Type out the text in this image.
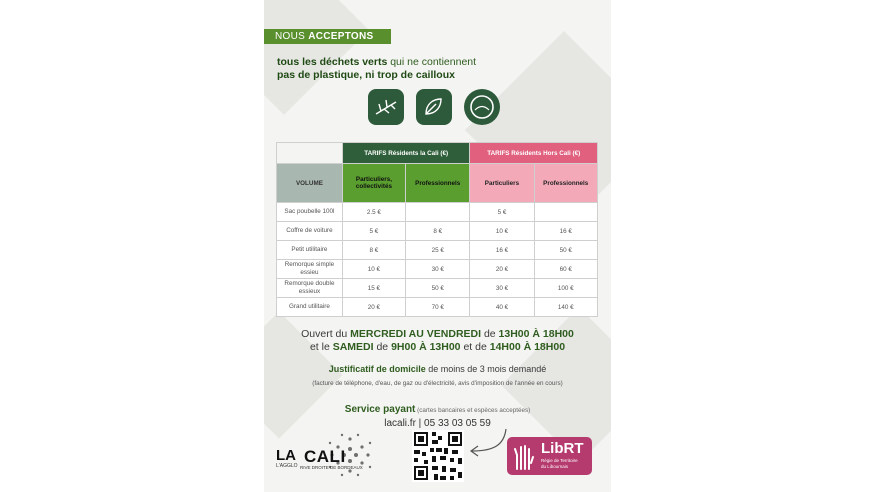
NOUS ACCEPTONS
tous les déchets verts qui ne contiennent
pas de plastique, ni trop de cailloux
	TARIFS Résidents la Cali (€)		TARIFS Résidents Hors Cali (€)	
VOLUME	Particuliers, collectivités	Professionnels	Particuliers	Professionnels
Sac poubelle 100l	2.5 €		5 €	
Coffre de voiture	5 €	8 €	10 €	16 €
Petit utilitaire	8 €	25 €	16 €	50 €
Remorque simple essieu	10 €	30 €	20 €	60 €
Remorque double essieux	15 €	50 €	30 €	100 €
Grand utilitaire	20 €	70 €	40 €	140 €
Ouvert du MERCREDI AU VENDREDI de 13H00 À 18H00
et le SAMEDI de 9H00 À 13H00 et de 14H00 À 18H00
Justificatif de domicile de moins de 3 mois demandé
(facture de téléphone, d'eau, de gaz ou d'électricité, avis d'imposition de l'année en cours)
Service payant (cartes bancaires et espèces acceptées)
lacali.fr | 05 33 03 05 59
LA CALI
L'AGGLO RIVE DROITE DE BORDEAUX
LibRT
Régie de Territoire
du Libournais
